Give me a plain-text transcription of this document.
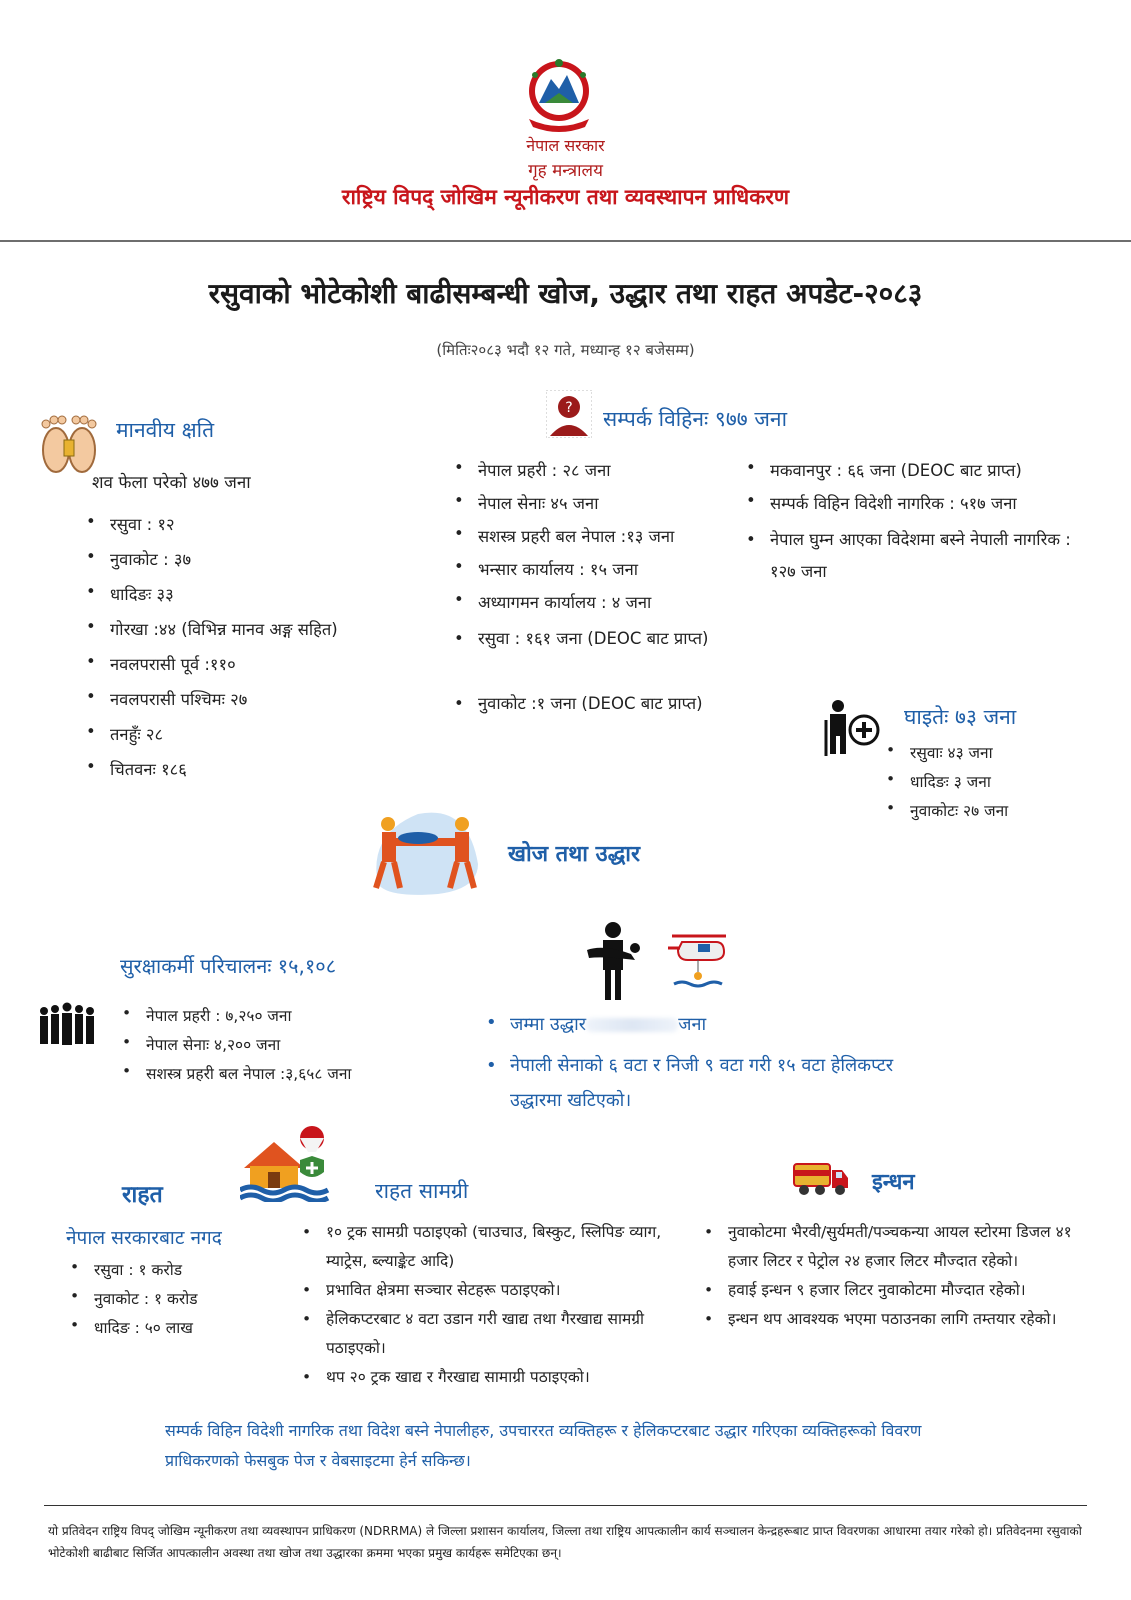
नेपाल सरकार
गृह मन्त्रालय
राष्ट्रिय विपद् जोखिम न्यूनीकरण तथा व्यवस्थापन प्राधिकरण
रसुवाको भोटेकोशी बाढीसम्बन्धी खोज, उद्धार तथा राहत अपडेट-२०८३
(मितिः२०८३ भदौ १२ गते, मध्यान्ह १२ बजेसम्म)
मानवीय क्षति
शव फेला परेको ४७७ जना
• रसुवा : १२
• नुवाकोट : ३७
• धादिङः ३३
• गोरखा :४४ (विभिन्न मानव अङ्ग सहित)
• नवलपरासी पूर्व :११०
• नवलपरासी पश्चिमः २७
• तनहुँः २८
• चितवनः १८६
? सम्पर्क विहिनः ९७७ जना
• नेपाल प्रहरी : २८ जना
• नेपाल सेनाः ४५ जना
• सशस्त्र प्रहरी बल नेपाल :१३ जना
• भन्सार कार्यालय : १५ जना
• अध्यागमन कार्यालय : ४ जना
• रसुवा : १६१ जना (DEOC बाट प्राप्त)
• नुवाकोट :१ जना (DEOC बाट प्राप्त)
• मकवानपुर : ६६ जना (DEOC बाट प्राप्त)
• सम्पर्क विहिन विदेशी नागरिक : ५१७ जना
• नेपाल घुम्न आएका विदेशमा बस्ने नेपाली नागरिक : १२७ जना
घाइतेः ७३ जना
• रसुवाः ४३ जना
• धादिङः ३ जना
• नुवाकोटः २७ जना
खोज तथा उद्धार
सुरक्षाकर्मी परिचालनः १५,१०८
• नेपाल प्रहरी : ७,२५० जना
• नेपाल सेनाः ४,२०० जना
• सशस्त्र प्रहरी बल नेपाल :३,६५८ जना
• जम्मा उद्धार	जना
• नेपाली सेनाको ६ वटा र निजी ९ वटा गरी १५ वटा हेलिकप्टर उद्धारमा खटिएको।
राहत
नेपाल सरकारबाट नगद
• रसुवा : १ करोड
• नुवाकोट : १ करोड
• धादिङ : ५० लाख
राहत सामग्री
• १० ट्रक सामग्री पठाइएको (चाउचाउ, बिस्कुट, स्लिपिङ व्याग, म्याट्रेस, ब्ल्याङ्केट आदि)
• प्रभावित क्षेत्रमा सञ्चार सेटहरू पठाइएको।
• हेलिकप्टरबाट ४ वटा उडान गरी खाद्य तथा गैरखाद्य सामग्री पठाइएको।
• थप २० ट्रक खाद्य र गैरखाद्य सामाग्री पठाइएको।
इन्धन
• नुवाकोटमा भैरवी/सुर्यमती/पञ्चकन्या आयल स्टोरमा डिजल ४१ हजार लिटर र पेट्रोल २४ हजार लिटर मौज्दात रहेको।
• हवाई इन्धन ९ हजार लिटर नुवाकोटमा मौज्दात रहेको।
• इन्धन थप आवश्यक भएमा पठाउनका लागि तम्तयार रहेको।
सम्पर्क विहिन विदेशी नागरिक तथा विदेश बस्ने नेपालीहरु, उपचाररत व्यक्तिहरू र हेलिकप्टरबाट उद्धार गरिएका व्यक्तिहरूको विवरण प्राधिकरणको फेसबुक पेज र वेबसाइटमा हेर्न सकिन्छ।
यो प्रतिवेदन राष्ट्रिय विपद् जोखिम न्यूनीकरण तथा व्यवस्थापन प्राधिकरण (NDRRMA) ले जिल्ला प्रशासन कार्यालय, जिल्ला तथा राष्ट्रिय आपत्कालीन कार्य सञ्चालन केन्द्रहरूबाट प्राप्त विवरणका आधारमा तयार गरेको हो। प्रतिवेदनमा रसुवाको भोटेकोशी बाढीबाट सिर्जित आपत्कालीन अवस्था तथा खोज तथा उद्धारका क्रममा भएका प्रमुख कार्यहरू समेटिएका छन्।
